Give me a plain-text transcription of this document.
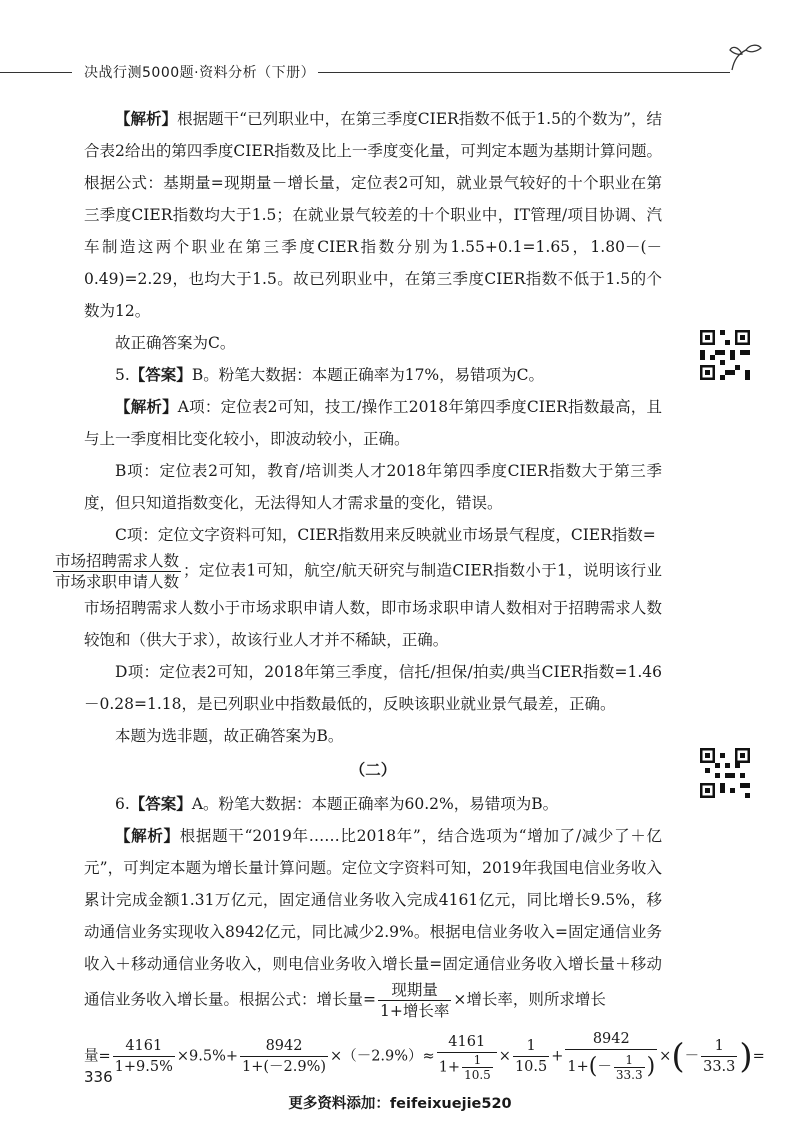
决战行测5000题·资料分析（下册）

【解析】根据题干“已列职业中，在第三季度CIER指数不低于1.5的个数为”，结合表2给出的第四季度CIER指数及比上一季度变化量，可判定本题为基期计算问题。根据公式：基期量=现期量－增长量，定位表2可知，就业景气较好的十个职业在第三季度CIER指数均大于1.5；在就业景气较差的十个职业中，IT管理/项目协调、汽车制造这两个职业在第三季度CIER指数分别为1.55+0.1=1.65，1.80－(－0.49)=2.29，也均大于1.5。故已列职业中，在第三季度CIER指数不低于1.5的个数为12。

故正确答案为C。

5.【答案】B。粉笔大数据：本题正确率为17%，易错项为C。

【解析】A项：定位表2可知，技工/操作工2018年第四季度CIER指数最高，且与上一季度相比变化较小，即波动较小，正确。

B项：定位表2可知，教育/培训类人才2018年第四季度CIER指数大于第三季度，但只知道指数变化，无法得知人才需求量的变化，错误。

C项：定位文字资料可知，CIER指数用来反映就业市场景气程度，CIER指数=

$\frac{\text{市场招聘需求人数}}{\text{市场求职申请人数}}$ ；定位表1可知，航空/航天研究与制造CIER指数小于1，说明该行业市场招聘需求人数小于市场求职申请人数，即市场求职申请人数相对于招聘需求人数较饱和（供大于求），故该行业人才并不稀缺，正确。

D项：定位表2可知，2018年第三季度，信托/担保/拍卖/典当CIER指数=1.46－0.28=1.18，是已列职业中指数最低的，反映该职业就业景气最差，正确。

本题为选非题，故正确答案为B。

（二）

6.【答案】A。粉笔大数据：本题正确率为60.2%，易错项为B。

【解析】根据题干“2019年……比2018年”，结合选项为“增加了/减少了＋亿元”，可判定本题为增长量计算问题。定位文字资料可知，2019年我国电信业务收入累计完成金额1.31万亿元，固定通信业务收入完成4161亿元，同比增长9.5%，移动通信业务实现收入8942亿元，同比减少2.9%。根据电信业务收入=固定通信业务收入＋移动通信业务收入，则电信业务收入增长量=固定通信业务收入增长量＋移动通信业务收入增长量。根据公式：增长量= $\frac{\text{现期量}}{\text{1+增长率}}$ ×增长率，则所求增长

量= $\frac{4161}{1+9.5\%} \times 9.5\%+ \frac{8942}{1+(-2.9\%)} \times(-2.9\%)\approx \frac{4161}{1+ \frac{1}{10.5}} \times \frac{1}{10.5} + \frac{8942}{1+(- \frac{1}{33.3} )}$ ×(－ $\frac{1}{33.3}$ )=

336
更多资料添加：feifeixuejie520
